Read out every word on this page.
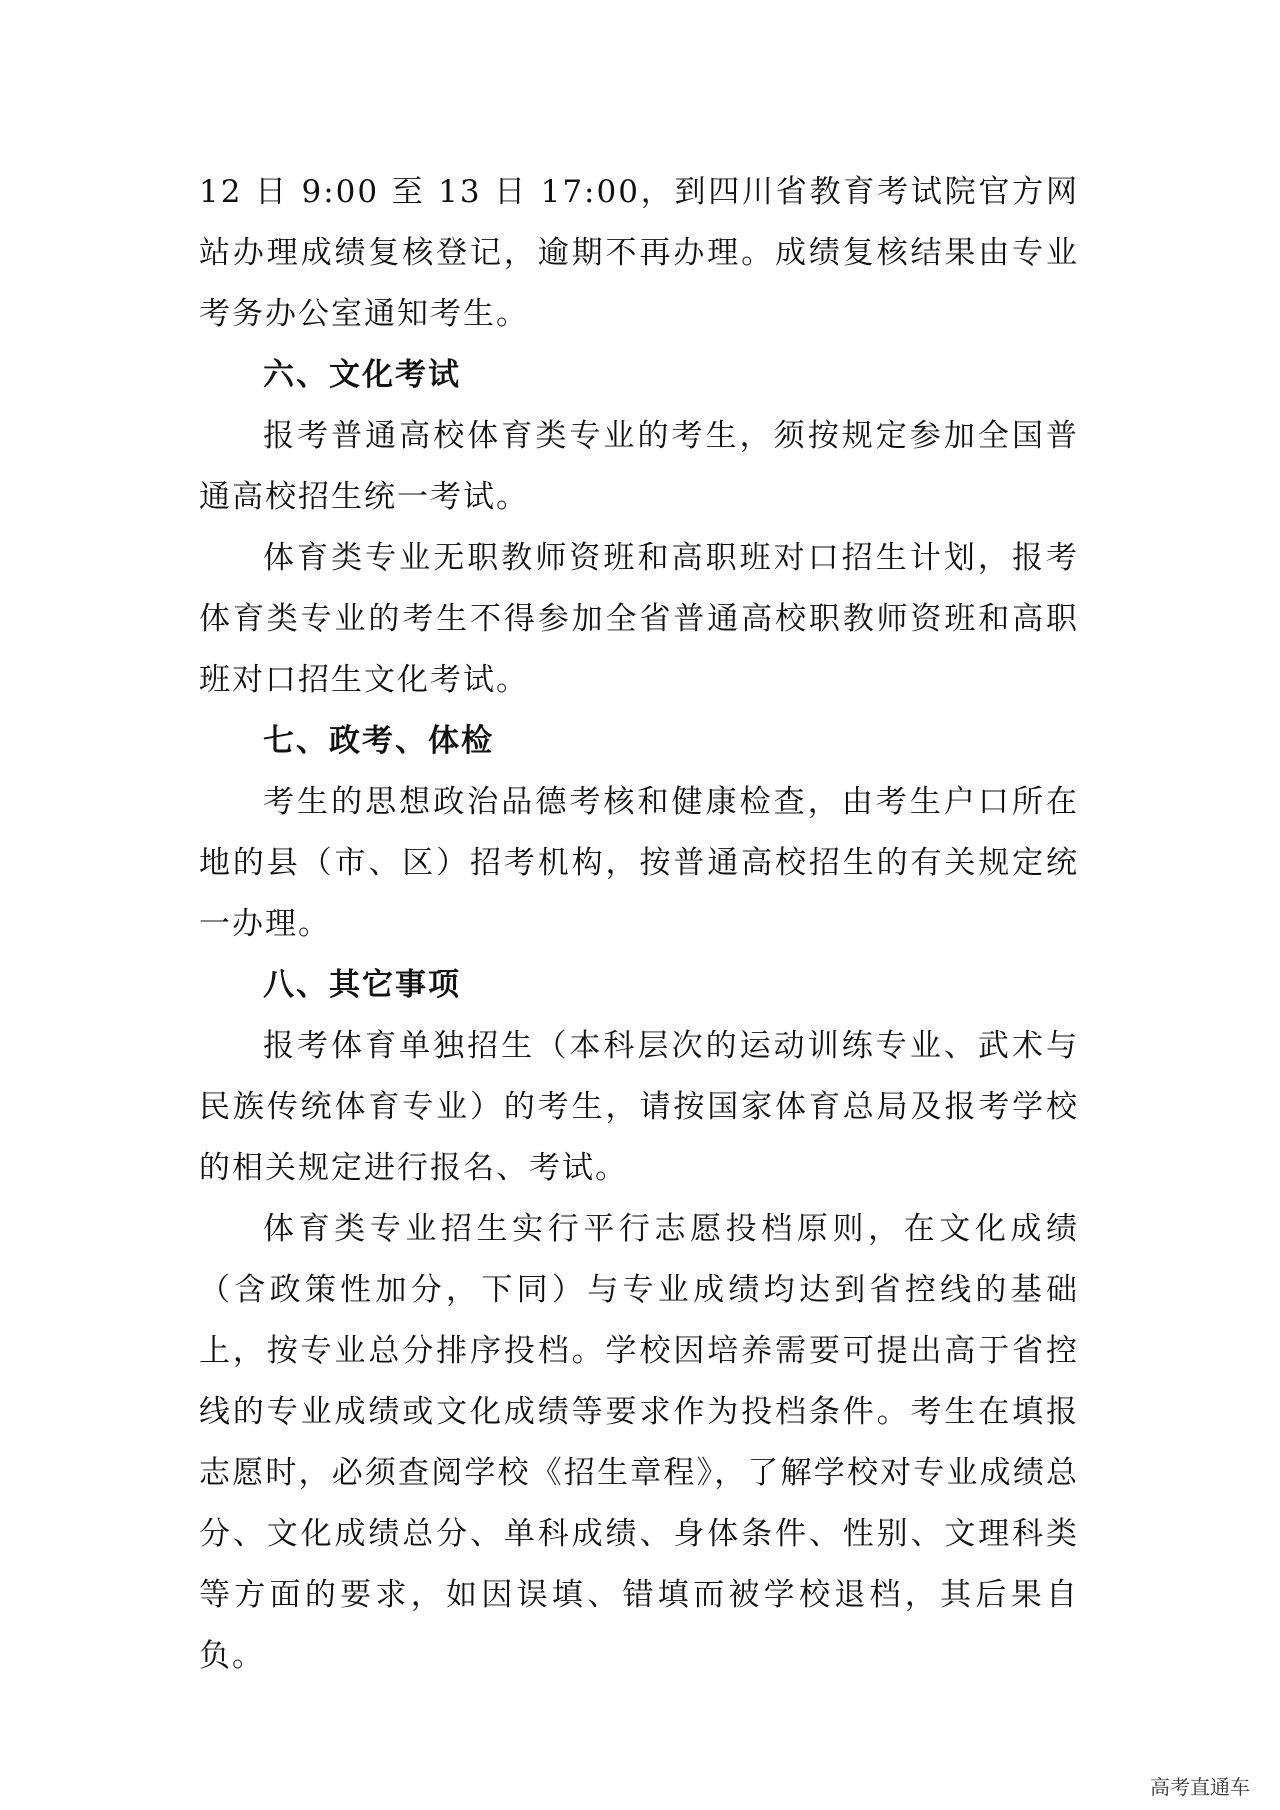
12 日 9:00 至 13 日 17:00，到四川省教育考试院官方网站办理成绩复核登记，逾期不再办理。成绩复核结果由专业考务办公室通知考生。

六、文化考试

报考普通高校体育类专业的考生，须按规定参加全国普通高校招生统一考试。

体育类专业无职教师资班和高职班对口招生计划，报考体育类专业的考生不得参加全省普通高校职教师资班和高职班对口招生文化考试。

七、政考、体检

考生的思想政治品德考核和健康检查，由考生户口所在地的县（市、区）招考机构，按普通高校招生的有关规定统一办理。

八、其它事项

报考体育单独招生（本科层次的运动训练专业、武术与民族传统体育专业）的考生，请按国家体育总局及报考学校的相关规定进行报名、考试。

体育类专业招生实行平行志愿投档原则，在文化成绩（含政策性加分，下同）与专业成绩均达到省控线的基础上，按专业总分排序投档。学校因培养需要可提出高于省控线的专业成绩或文化成绩等要求作为投档条件。考生在填报志愿时，必须查阅学校《招生章程》，了解学校对专业成绩总分、文化成绩总分、单科成绩、身体条件、性别、文理科类等方面的要求，如因误填、错填而被学校退档，其后果自负。

高考直通车
